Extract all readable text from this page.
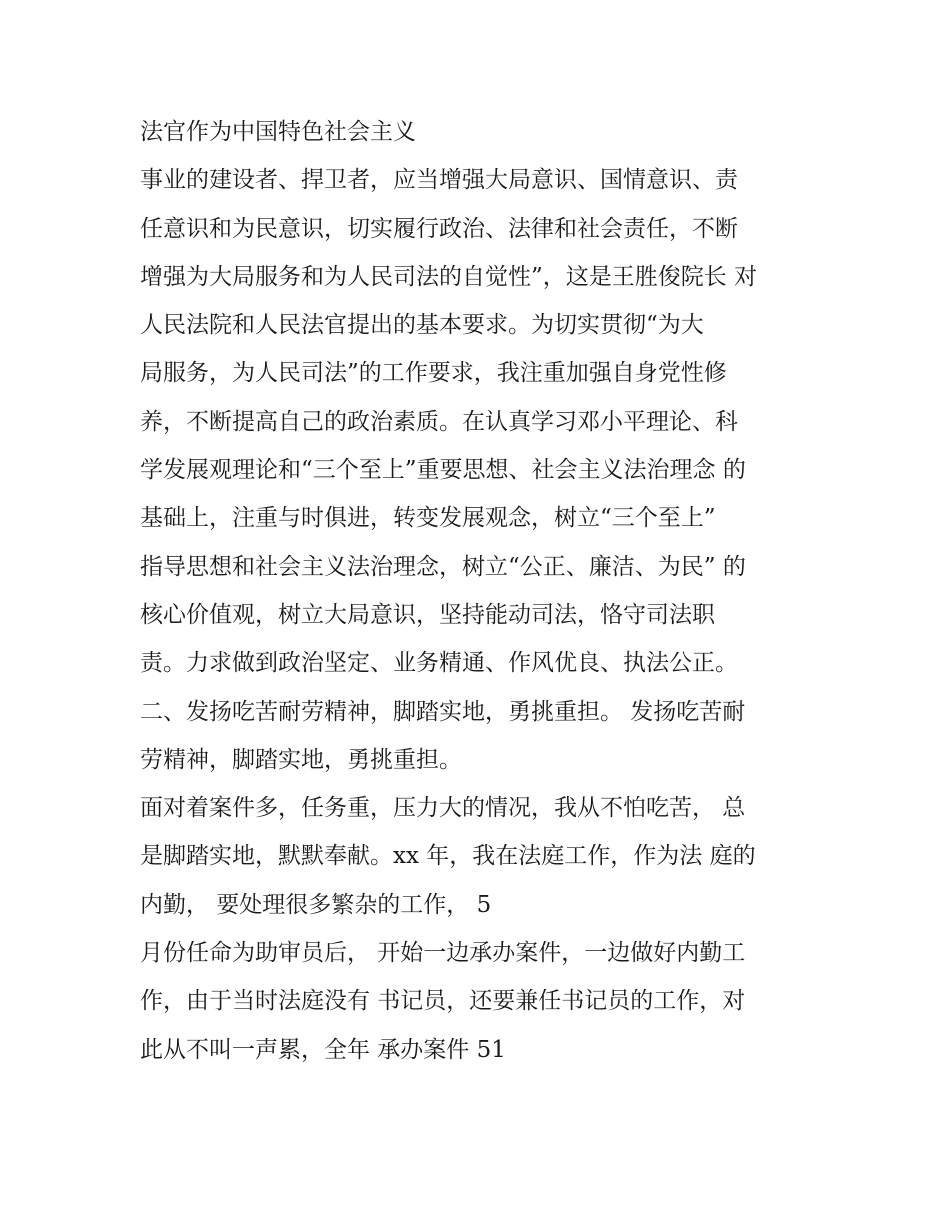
法官作为中国特色社会主义
事业的建设者、捍卫者，应当增强大局意识、国情意识、责
任意识和为民意识，切实履行政治、法律和社会责任，不断
增强为大局服务和为人民司法的自觉性”，这是王胜俊院长 对
人民法院和人民法官提出的基本要求。为切实贯彻“为大
局服务，为人民司法”的工作要求，我注重加强自身党性修
养，不断提高自己的政治素质。在认真学习邓小平理论、科
学发展观理论和“三个至上”重要思想、社会主义法治理念 的
基础上，注重与时俱进，转变发展观念，树立“三个至上”
指导思想和社会主义法治理念，树立“公正、廉洁、为民” 的
核心价值观，树立大局意识，坚持能动司法，恪守司法职
责。力求做到政治坚定、业务精通、作风优良、执法公正。
二、发扬吃苦耐劳精神，脚踏实地，勇挑重担。 发扬吃苦耐
劳精神，脚踏实地，勇挑重担。
面对着案件多，任务重，压力大的情况，我从不怕吃苦， 总
是脚踏实地，默默奉献。xx 年，我在法庭工作，作为法 庭的
内勤， 要处理很多繁杂的工作， 5
月份任命为助审员后， 开始一边承办案件，一边做好内勤工
作，由于当时法庭没有 书记员，还要兼任书记员的工作，对
此从不叫一声累，全年 承办案件 51
